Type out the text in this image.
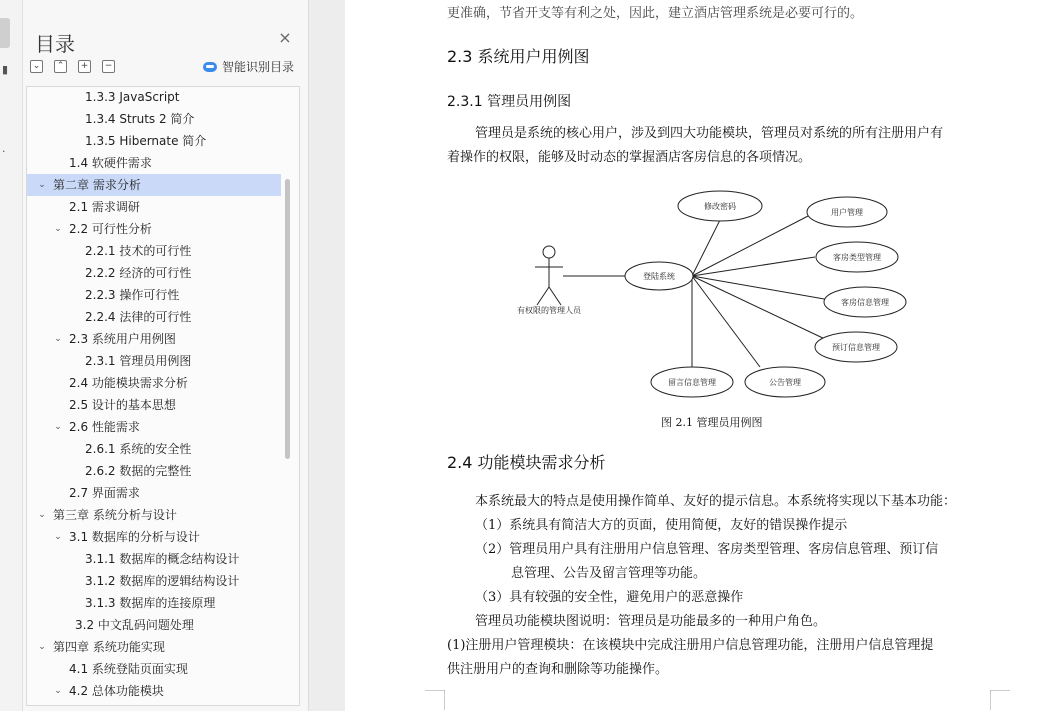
▮
·
目录	×
⌄	⌃	+	−	智能识别目录
1.3.3 JavaScript
1.3.4 Struts 2 简介
1.3.5 Hibernate 简介
1.4 软硬件需求
⌄ 第二章 需求分析
2.1 需求调研
⌄ 2.2 可行性分析
2.2.1 技术的可行性
2.2.2 经济的可行性
2.2.3 操作可行性
2.2.4 法律的可行性
⌄ 2.3 系统用户用例图
2.3.1 管理员用例图
2.4 功能模块需求分析
2.5 设计的基本思想
⌄ 2.6 性能需求
2.6.1 系统的安全性
2.6.2 数据的完整性
2.7 界面需求
⌄ 第三章 系统分析与设计
⌄ 3.1 数据库的分析与设计
3.1.1 数据库的概念结构设计
3.1.2 数据库的逻辑结构设计
3.1.3 数据库的连接原理
3.2 中文乱码问题处理
⌄ 第四章 系统功能实现
4.1 系统登陆页面实现
⌄ 4.2 总体功能模块
更准确，节省开支等有利之处，因此，建立酒店管理系统是必要可行的。
2.3 系统用户用例图
2.3.1 管理员用例图
管理员是系统的核心用户，涉及到四大功能模块，管理员对系统的所有注册用户有
着操作的权限，能够及时动态的掌握酒店客房信息的各项情况。
有权限的管理人员
登陆系统
修改密码
用户管理
客房类型管理
客房信息管理
预订信息管理
留言信息管理	公告管理
图 2.1 管理员用例图
2.4 功能模块需求分析
本系统最大的特点是使用操作简单、友好的提示信息。本系统将实现以下基本功能：
（1）系统具有简洁大方的页面，使用简便，友好的错误操作提示
（2）管理员用户具有注册用户信息管理、客房类型管理、客房信息管理、预订信
息管理、公告及留言管理等功能。
（3）具有较强的安全性，避免用户的恶意操作
管理员功能模块图说明：管理员是功能最多的一种用户角色。
(1)注册用户管理模块：在该模块中完成注册用户信息管理功能，注册用户信息管理提
供注册用户的查询和删除等功能操作。
